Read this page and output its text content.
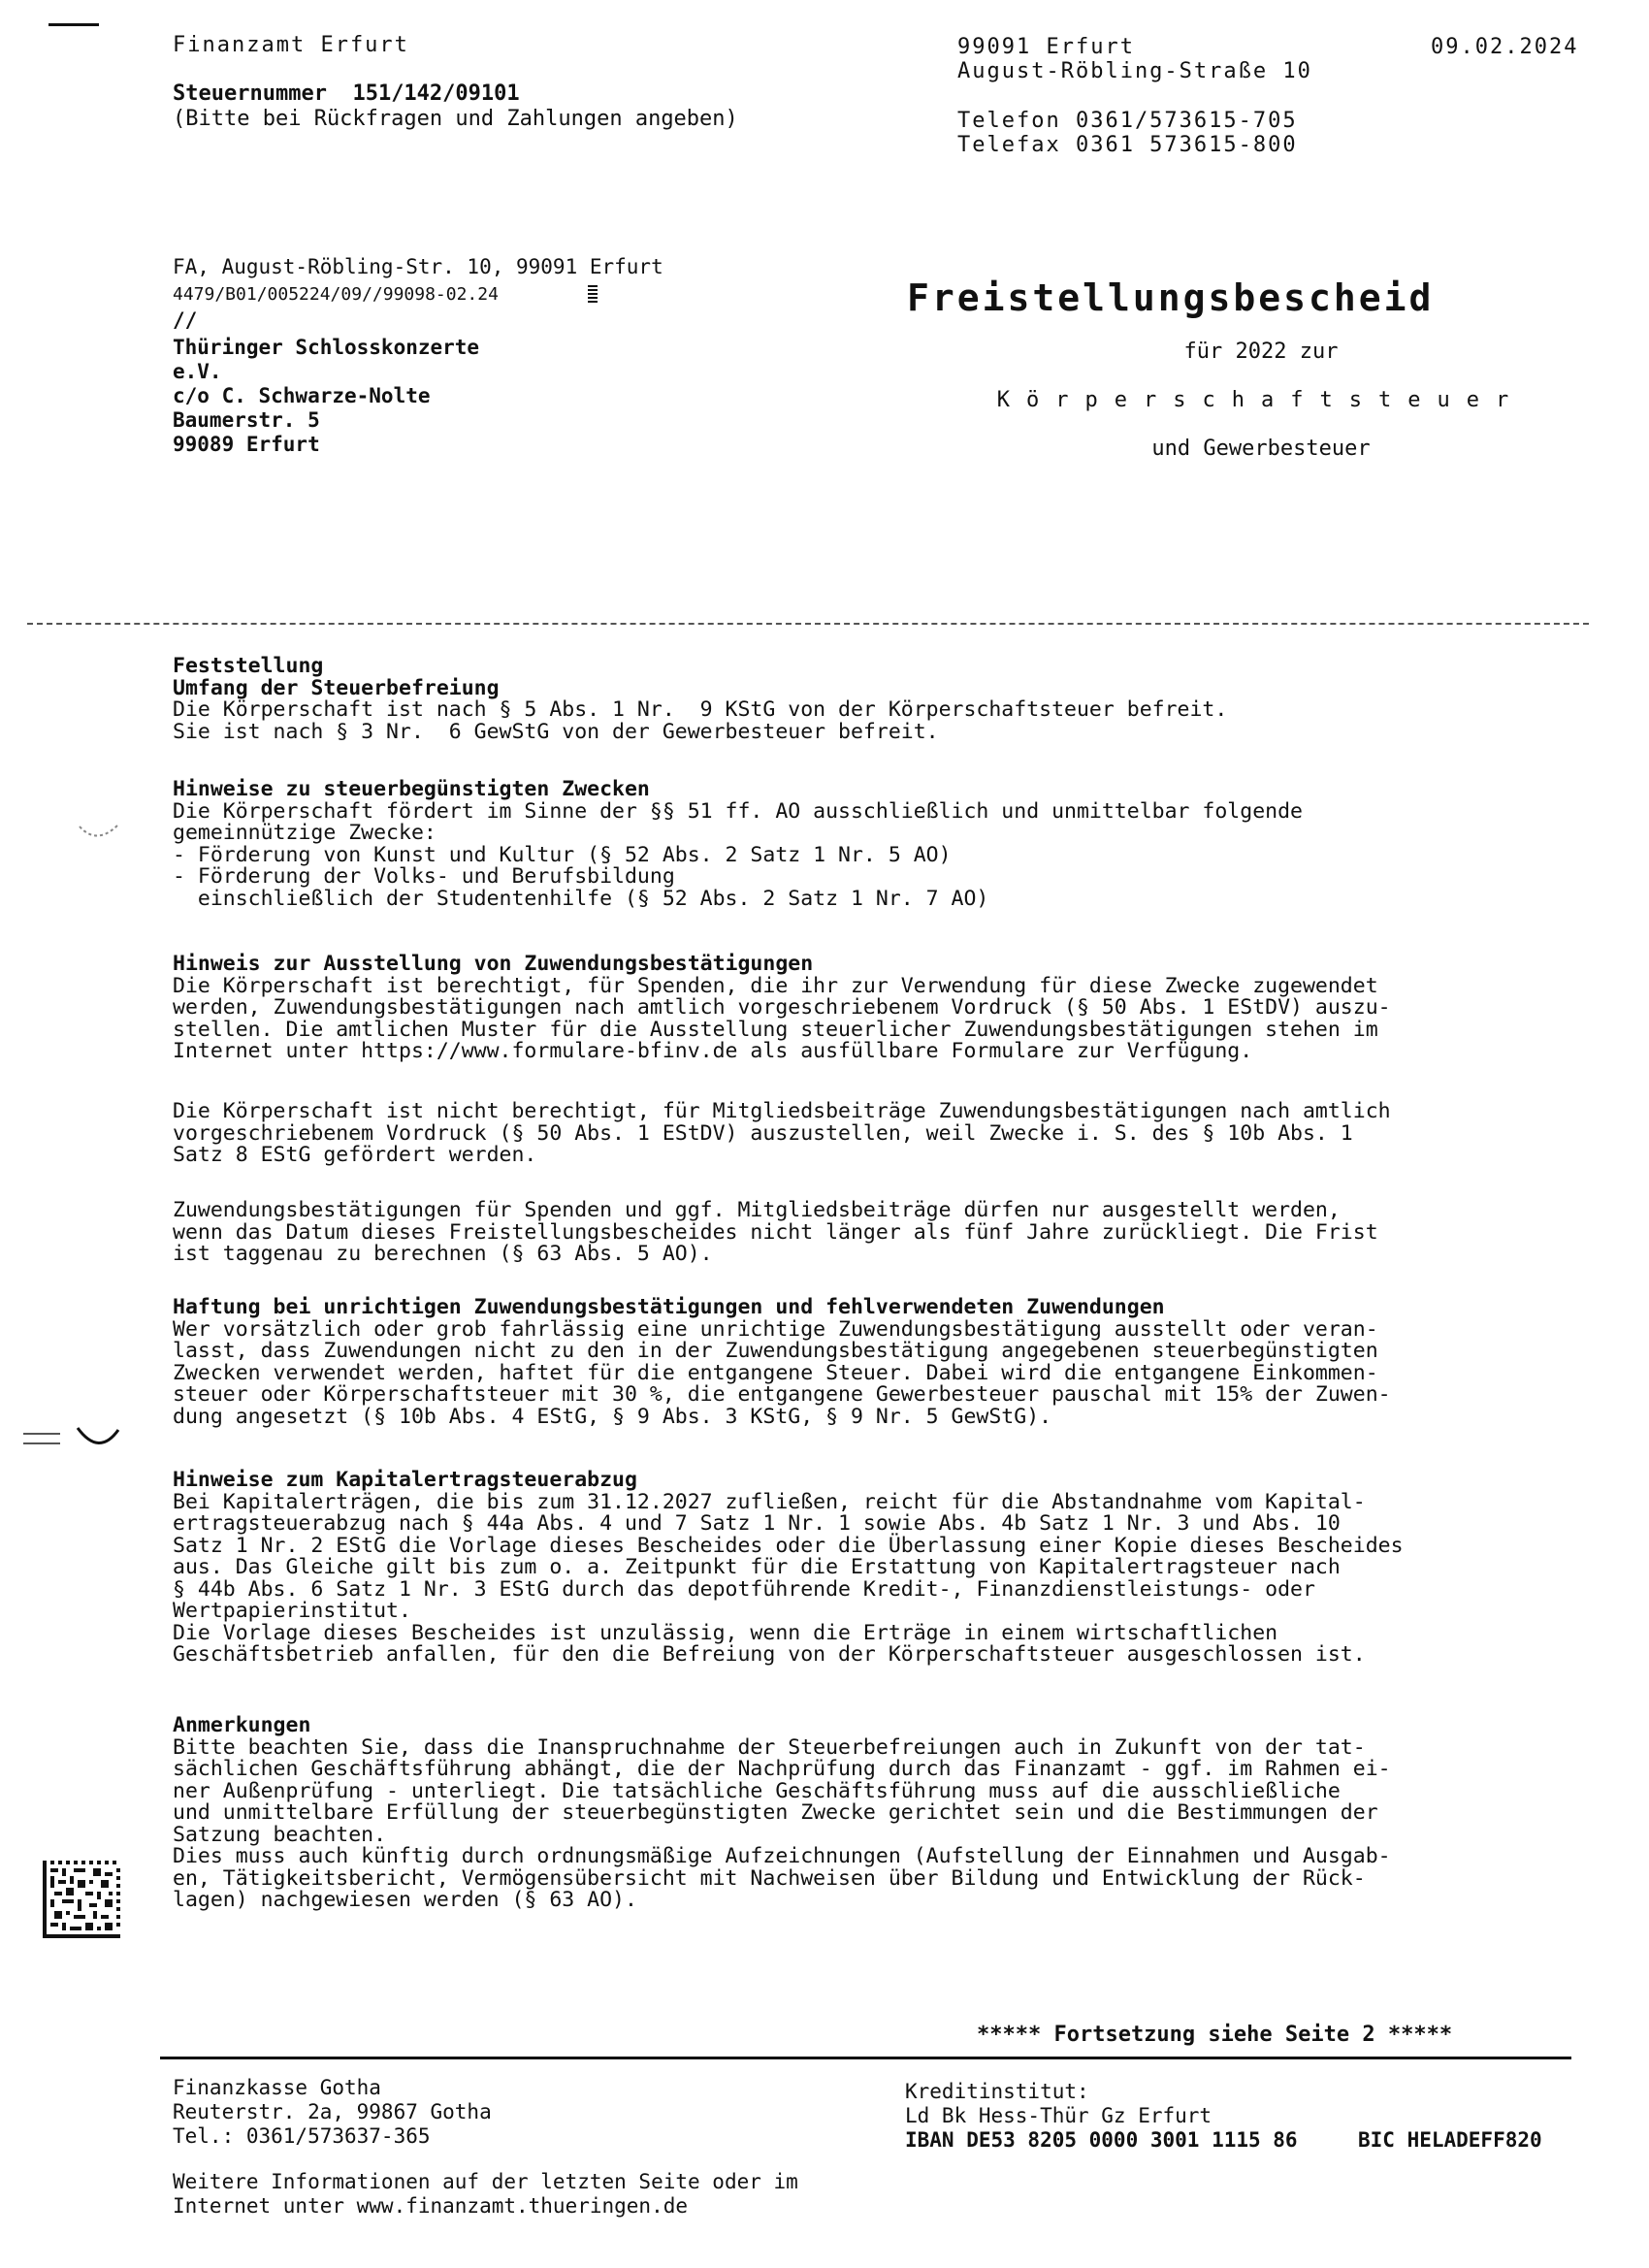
Finanzamt Erfurt
Steuernummer 151/142/09101
(Bitte bei Rückfragen und Zahlungen angeben)
99091 Erfurt
August-Röbling-Straße 10
09.02.2024
Telefon 0361/573615-705
Telefax 0361 573615-800
FA, August-Röbling-Str. 10, 99091 Erfurt
4479/B01/005224/09//99098-02.24
//
Thüringer Schlosskonzerte
e.V.
c/o C. Schwarze-Nolte
Baumerstr. 5
99089 Erfurt
Freistellungsbescheid
für 2022 zur
Körperschaftsteuer
und Gewerbesteuer
Feststellung
Umfang der Steuerbefreiung
Die Körperschaft ist nach § 5 Abs. 1 Nr.  9 KStG von der Körperschaftsteuer befreit.
Sie ist nach § 3 Nr.  6 GewStG von der Gewerbesteuer befreit.
Hinweise zu steuerbegünstigten Zwecken
Die Körperschaft fördert im Sinne der §§ 51 ff. AO ausschließlich und unmittelbar folgende
gemeinnützige Zwecke:
- Förderung von Kunst und Kultur (§ 52 Abs. 2 Satz 1 Nr. 5 AO)
- Förderung der Volks- und Berufsbildung
einschließlich der Studentenhilfe (§ 52 Abs. 2 Satz 1 Nr. 7 AO)
Hinweis zur Ausstellung von Zuwendungsbestätigungen
Die Körperschaft ist berechtigt, für Spenden, die ihr zur Verwendung für diese Zwecke zugewendet
werden, Zuwendungsbestätigungen nach amtlich vorgeschriebenem Vordruck (§ 50 Abs. 1 EStDV) auszu-
stellen. Die amtlichen Muster für die Ausstellung steuerlicher Zuwendungsbestätigungen stehen im
Internet unter https://www.formulare-bfinv.de als ausfüllbare Formulare zur Verfügung.
Die Körperschaft ist nicht berechtigt, für Mitgliedsbeiträge Zuwendungsbestätigungen nach amtlich
vorgeschriebenem Vordruck (§ 50 Abs. 1 EStDV) auszustellen, weil Zwecke i. S. des § 10b Abs. 1
Satz 8 EStG gefördert werden.
Zuwendungsbestätigungen für Spenden und ggf. Mitgliedsbeiträge dürfen nur ausgestellt werden,
wenn das Datum dieses Freistellungsbescheides nicht länger als fünf Jahre zurückliegt. Die Frist
ist taggenau zu berechnen (§ 63 Abs. 5 AO).
Haftung bei unrichtigen Zuwendungsbestätigungen und fehlverwendeten Zuwendungen
Wer vorsätzlich oder grob fahrlässig eine unrichtige Zuwendungsbestätigung ausstellt oder veran-
lasst, dass Zuwendungen nicht zu den in der Zuwendungsbestätigung angegebenen steuerbegünstigten
Zwecken verwendet werden, haftet für die entgangene Steuer. Dabei wird die entgangene Einkommen-
steuer oder Körperschaftsteuer mit 30 %, die entgangene Gewerbesteuer pauschal mit 15% der Zuwen-
dung angesetzt (§ 10b Abs. 4 EStG, § 9 Abs. 3 KStG, § 9 Nr. 5 GewStG).
Hinweise zum Kapitalertragsteuerabzug
Bei Kapitalerträgen, die bis zum 31.12.2027 zufließen, reicht für die Abstandnahme vom Kapital-
ertragsteuerabzug nach § 44a Abs. 4 und 7 Satz 1 Nr. 1 sowie Abs. 4b Satz 1 Nr. 3 und Abs. 10
Satz 1 Nr. 2 EStG die Vorlage dieses Bescheides oder die Überlassung einer Kopie dieses Bescheides
aus. Das Gleiche gilt bis zum o. a. Zeitpunkt für die Erstattung von Kapitalertragsteuer nach
§ 44b Abs. 6 Satz 1 Nr. 3 EStG durch das depotführende Kredit-, Finanzdienstleistungs- oder
Wertpapierinstitut.
Die Vorlage dieses Bescheides ist unzulässig, wenn die Erträge in einem wirtschaftlichen
Geschäftsbetrieb anfallen, für den die Befreiung von der Körperschaftsteuer ausgeschlossen ist.
Anmerkungen
Bitte beachten Sie, dass die Inanspruchnahme der Steuerbefreiungen auch in Zukunft von der tat-
sächlichen Geschäftsführung abhängt, die der Nachprüfung durch das Finanzamt - ggf. im Rahmen ei-
ner Außenprüfung - unterliegt. Die tatsächliche Geschäftsführung muss auf die ausschließliche
und unmittelbare Erfüllung der steuerbegünstigten Zwecke gerichtet sein und die Bestimmungen der
Satzung beachten.
Dies muss auch künftig durch ordnungsmäßige Aufzeichnungen (Aufstellung der Einnahmen und Ausgab-
en, Tätigkeitsbericht, Vermögensübersicht mit Nachweisen über Bildung und Entwicklung der Rück-
lagen) nachgewiesen werden (§ 63 AO).
***** Fortsetzung siehe Seite 2 *****
Finanzkasse Gotha
Reuterstr. 2a, 99867 Gotha
Tel.: 0361/573637-365
Kreditinstitut:
Ld Bk Hess-Thür Gz Erfurt
IBAN DE53 8205 0000 3001 1115 86	BIC HELADEFF820
Weitere Informationen auf der letzten Seite oder im
Internet unter www.finanzamt.thueringen.de
